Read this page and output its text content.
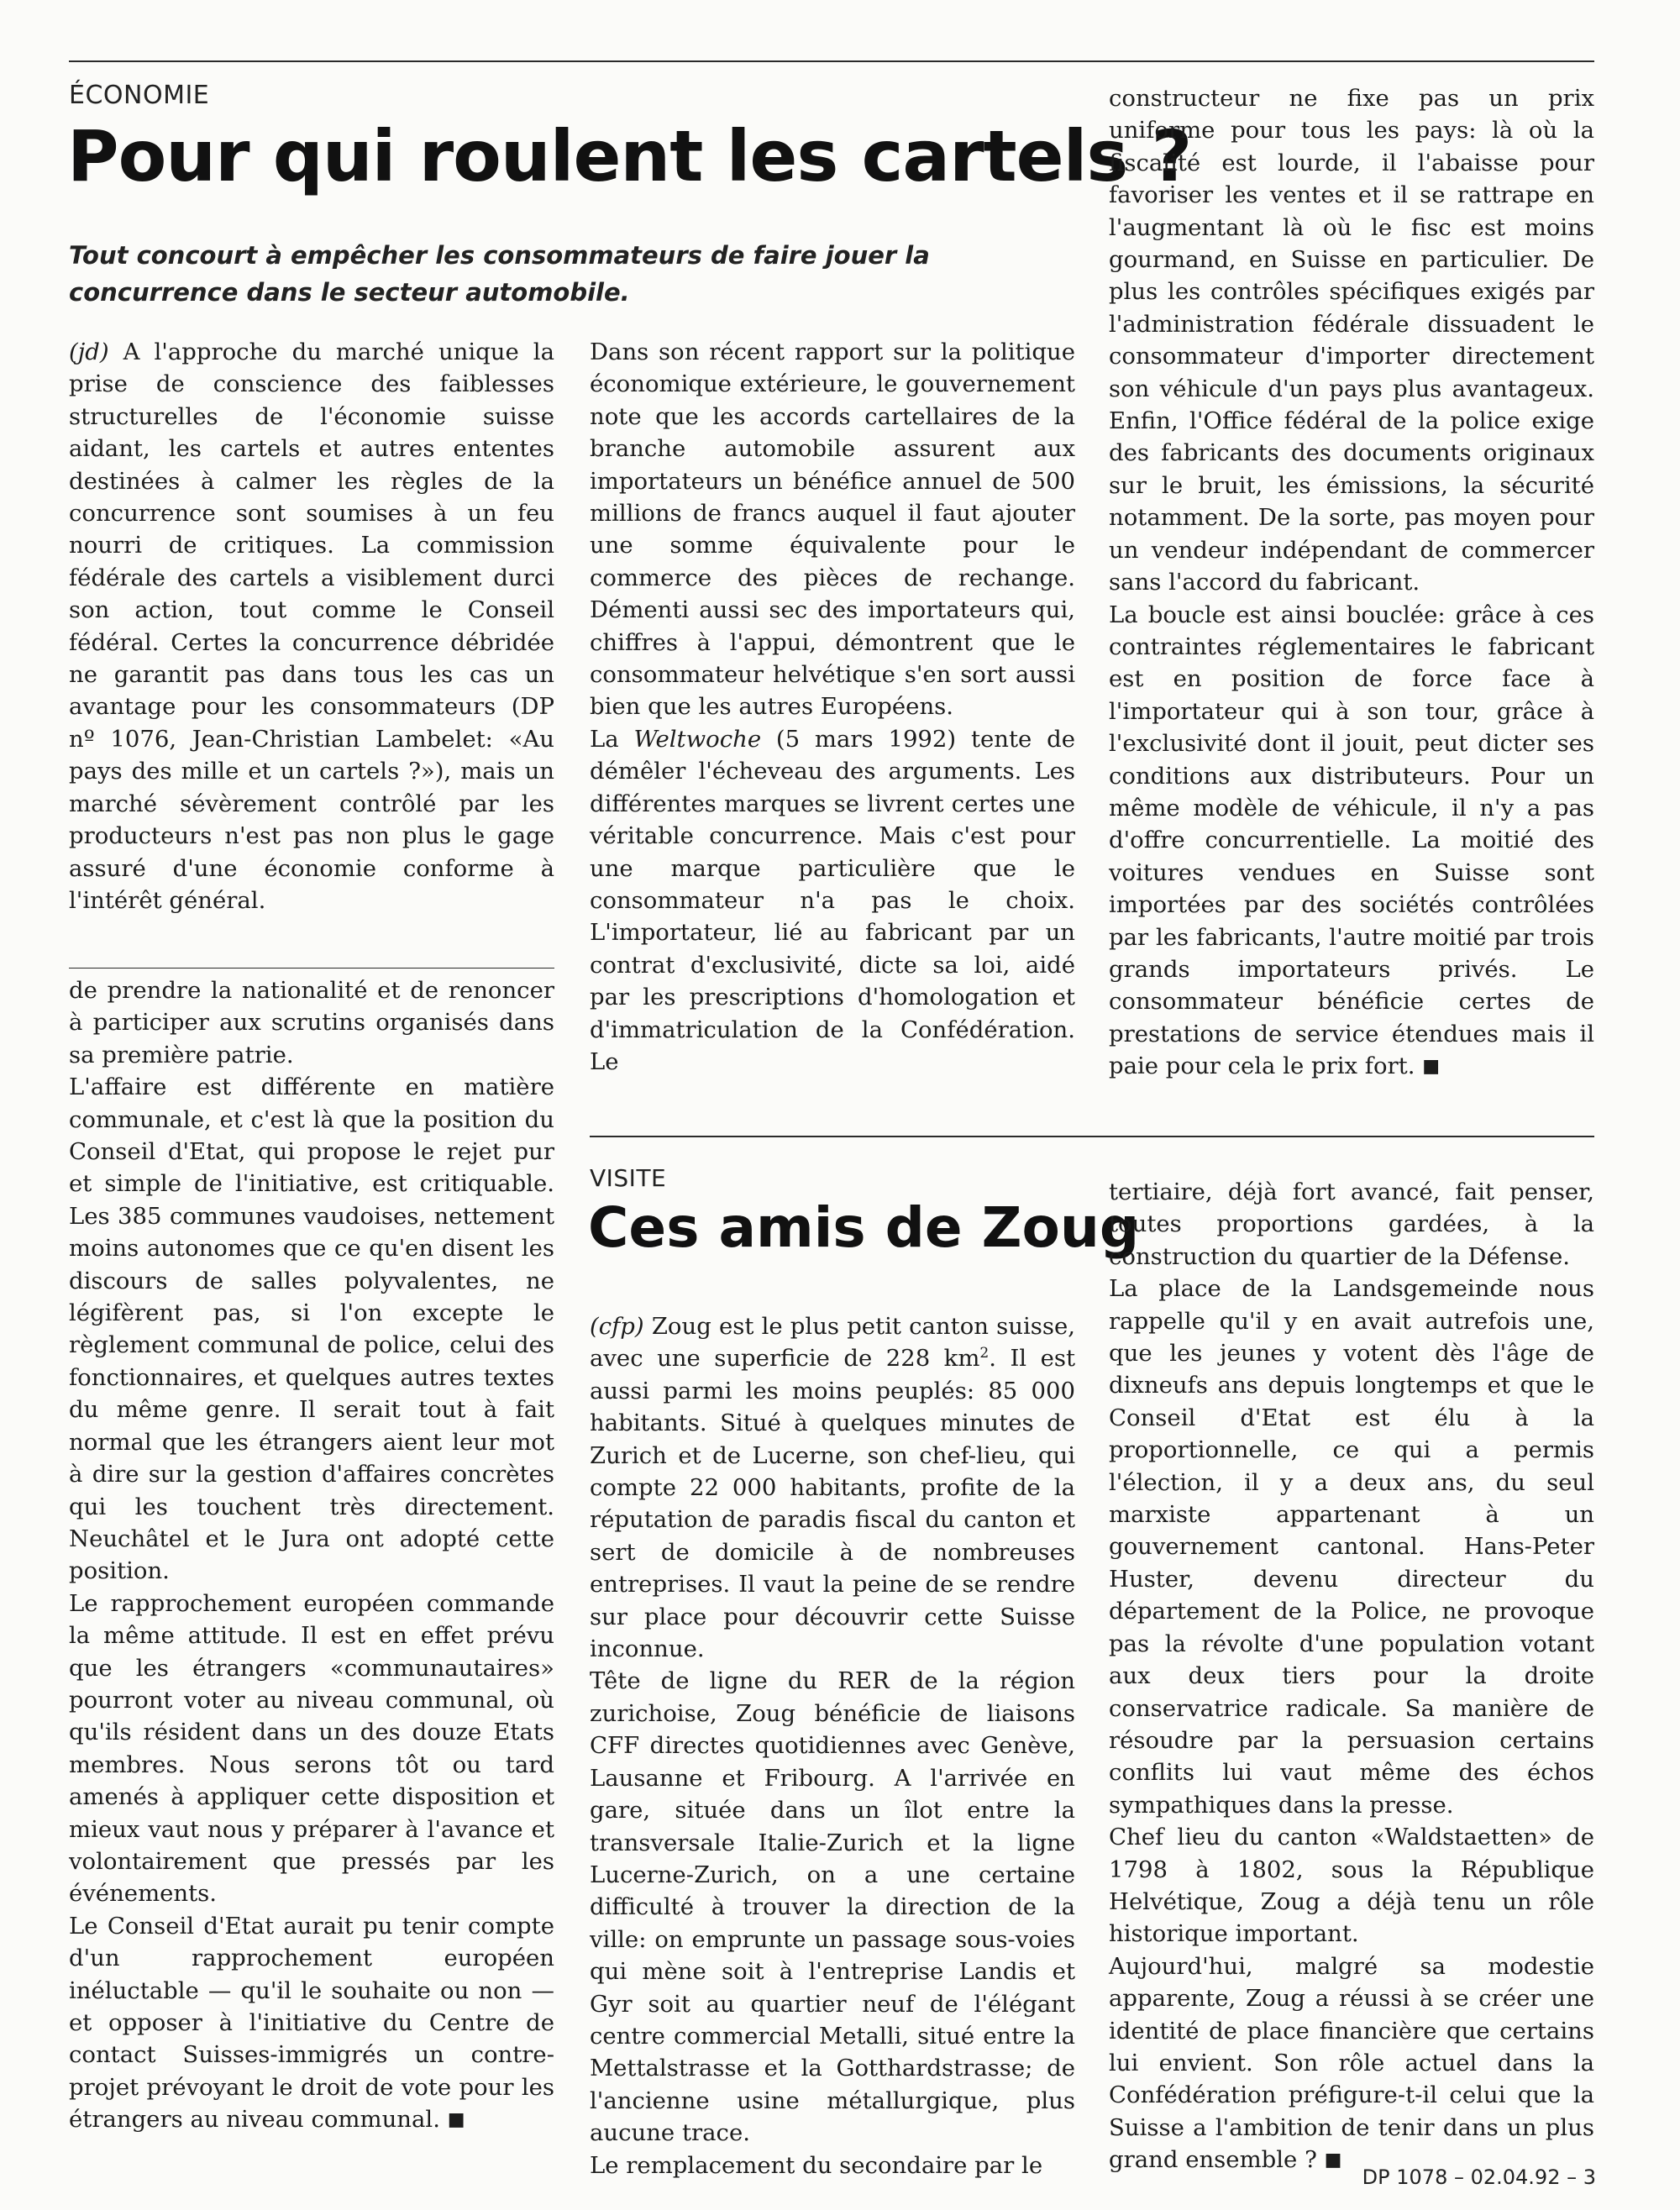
ÉCONOMIE
Pour qui roulent les cartels ?
Tout concourt à empêcher les consommateurs de faire jouer la concurrence dans le secteur automobile.

(jd) A l'approche du marché unique la prise de conscience des faiblesses structurelles de l'économie suisse aidant, les cartels et autres ententes destinées à calmer les règles de la concurrence sont soumises à un feu nourri de critiques. La commission fédérale des cartels a visiblement durci son action, tout comme le Conseil fédéral. Certes la concurrence débridée ne garantit pas dans tous les cas un avantage pour les consommateurs (DP nº 1076, Jean-Christian Lambelet: «Au pays des mille et un cartels ?»), mais un marché sévèrement contrôlé par les producteurs n'est pas non plus le gage assuré d'une économie conforme à l'intérêt général.

Dans son récent rapport sur la politique économique extérieure, le gouvernement note que les accords cartellaires de la branche automobile assurent aux importateurs un bénéfice annuel de 500 millions de francs auquel il faut ajouter une somme équivalente pour le commerce des pièces de rechange. Démenti aussi sec des importateurs qui, chiffres à l'appui, démontrent que le consommateur helvétique s'en sort aussi bien que les autres Européens.

La Weltwoche (5 mars 1992) tente de démêler l'écheveau des arguments. Les différentes marques se livrent certes une véritable concurrence. Mais c'est pour une marque particulière que le consommateur n'a pas le choix. L'importateur, lié au fabricant par un contrat d'exclusivité, dicte sa loi, aidé par les prescriptions d'homologation et d'immatriculation de la Confédération. Le

constructeur ne fixe pas un prix uniforme pour tous les pays: là où la fiscalité est lourde, il l'abaisse pour favoriser les ventes et il se rattrape en l'augmentant là où le fisc est moins gourmand, en Suisse en particulier. De plus les contrôles spécifiques exigés par l'administration fédérale dissuadent le consommateur d'importer directement son véhicule d'un pays plus avantageux. Enfin, l'Office fédéral de la police exige des fabricants des documents originaux sur le bruit, les émissions, la sécurité notamment. De la sorte, pas moyen pour un vendeur indépendant de commercer sans l'accord du fabricant.

La boucle est ainsi bouclée: grâce à ces contraintes réglementaires le fabricant est en position de force face à l'importateur qui à son tour, grâce à l'exclusivité dont il jouit, peut dicter ses conditions aux distributeurs. Pour un même modèle de véhicule, il n'y a pas d'offre concurrentielle. La moitié des voitures vendues en Suisse sont importées par des sociétés contrôlées par les fabricants, l'autre moitié par trois grands importateurs privés. Le consommateur bénéficie certes de prestations de service étendues mais il paie pour cela le prix fort. ■

de prendre la nationalité et de renoncer à participer aux scrutins organisés dans sa première patrie.

L'affaire est différente en matière communale, et c'est là que la position du Conseil d'Etat, qui propose le rejet pur et simple de l'initiative, est critiquable. Les 385 communes vaudoises, nettement moins autonomes que ce qu'en disent les discours de salles polyvalentes, ne légifèrent pas, si l'on excepte le règlement communal de police, celui des fonctionnaires, et quelques autres textes du même genre. Il serait tout à fait normal que les étrangers aient leur mot à dire sur la gestion d'affaires concrètes qui les touchent très directement. Neuchâtel et le Jura ont adopté cette position.

Le rapprochement européen commande la même attitude. Il est en effet prévu que les étrangers «communautaires» pourront voter au niveau communal, où qu'ils résident dans un des douze Etats membres. Nous serons tôt ou tard amenés à appliquer cette disposition et mieux vaut nous y préparer à l'avance et volontairement que pressés par les événements.

Le Conseil d'Etat aurait pu tenir compte d'un rapprochement européen inéluctable — qu'il le souhaite ou non — et opposer à l'initiative du Centre de contact Suisses-immigrés un contre-projet prévoyant le droit de vote pour les étrangers au niveau communal. ■

VISITE
Ces amis de Zoug

(cfp) Zoug est le plus petit canton suisse, avec une superficie de 228 $km^2$. Il est aussi parmi les moins peuplés: 85 000 habitants. Situé à quelques minutes de Zurich et de Lucerne, son chef-lieu, qui compte 22 000 habitants, profite de la réputation de paradis fiscal du canton et sert de domicile à de nombreuses entreprises. Il vaut la peine de se rendre sur place pour découvrir cette Suisse inconnue.

Tête de ligne du RER de la région zurichoise, Zoug bénéficie de liaisons CFF directes quotidiennes avec Genève, Lausanne et Fribourg. A l'arrivée en gare, située dans un îlot entre la transversale Italie-Zurich et la ligne Lucerne-Zurich, on a une certaine difficulté à trouver la direction de la ville: on emprunte un passage sous-voies qui mène soit à l'entreprise Landis et Gyr soit au quartier neuf de l'élégant centre commercial Metalli, situé entre la Mettalstrasse et la Gotthardstrasse; de l'ancienne usine métallurgique, plus aucune trace.

Le remplacement du secondaire par le

tertiaire, déjà fort avancé, fait penser, toutes proportions gardées, à la construction du quartier de la Défense.

La place de la Landsgemeinde nous rappelle qu'il y en avait autrefois une, que les jeunes y votent dès l'âge de dixneufs ans depuis longtemps et que le Conseil d'Etat est élu à la proportionnelle, ce qui a permis l'élection, il y a deux ans, du seul marxiste appartenant à un gouvernement cantonal. Hans-Peter Huster, devenu directeur du département de la Police, ne provoque pas la révolte d'une population votant aux deux tiers pour la droite conservatrice radicale. Sa manière de résoudre par la persuasion certains conflits lui vaut même des échos sympathiques dans la presse.

Chef lieu du canton «Waldstaetten» de 1798 à 1802, sous la République Helvétique, Zoug a déjà tenu un rôle historique important.

Aujourd'hui, malgré sa modestie apparente, Zoug a réussi à se créer une identité de place financière que certains lui envient. Son rôle actuel dans la Confédération préfigure-t-il celui que la Suisse a l'ambition de tenir dans un plus grand ensemble ? ■

DP 1078 – 02.04.92 – 3
